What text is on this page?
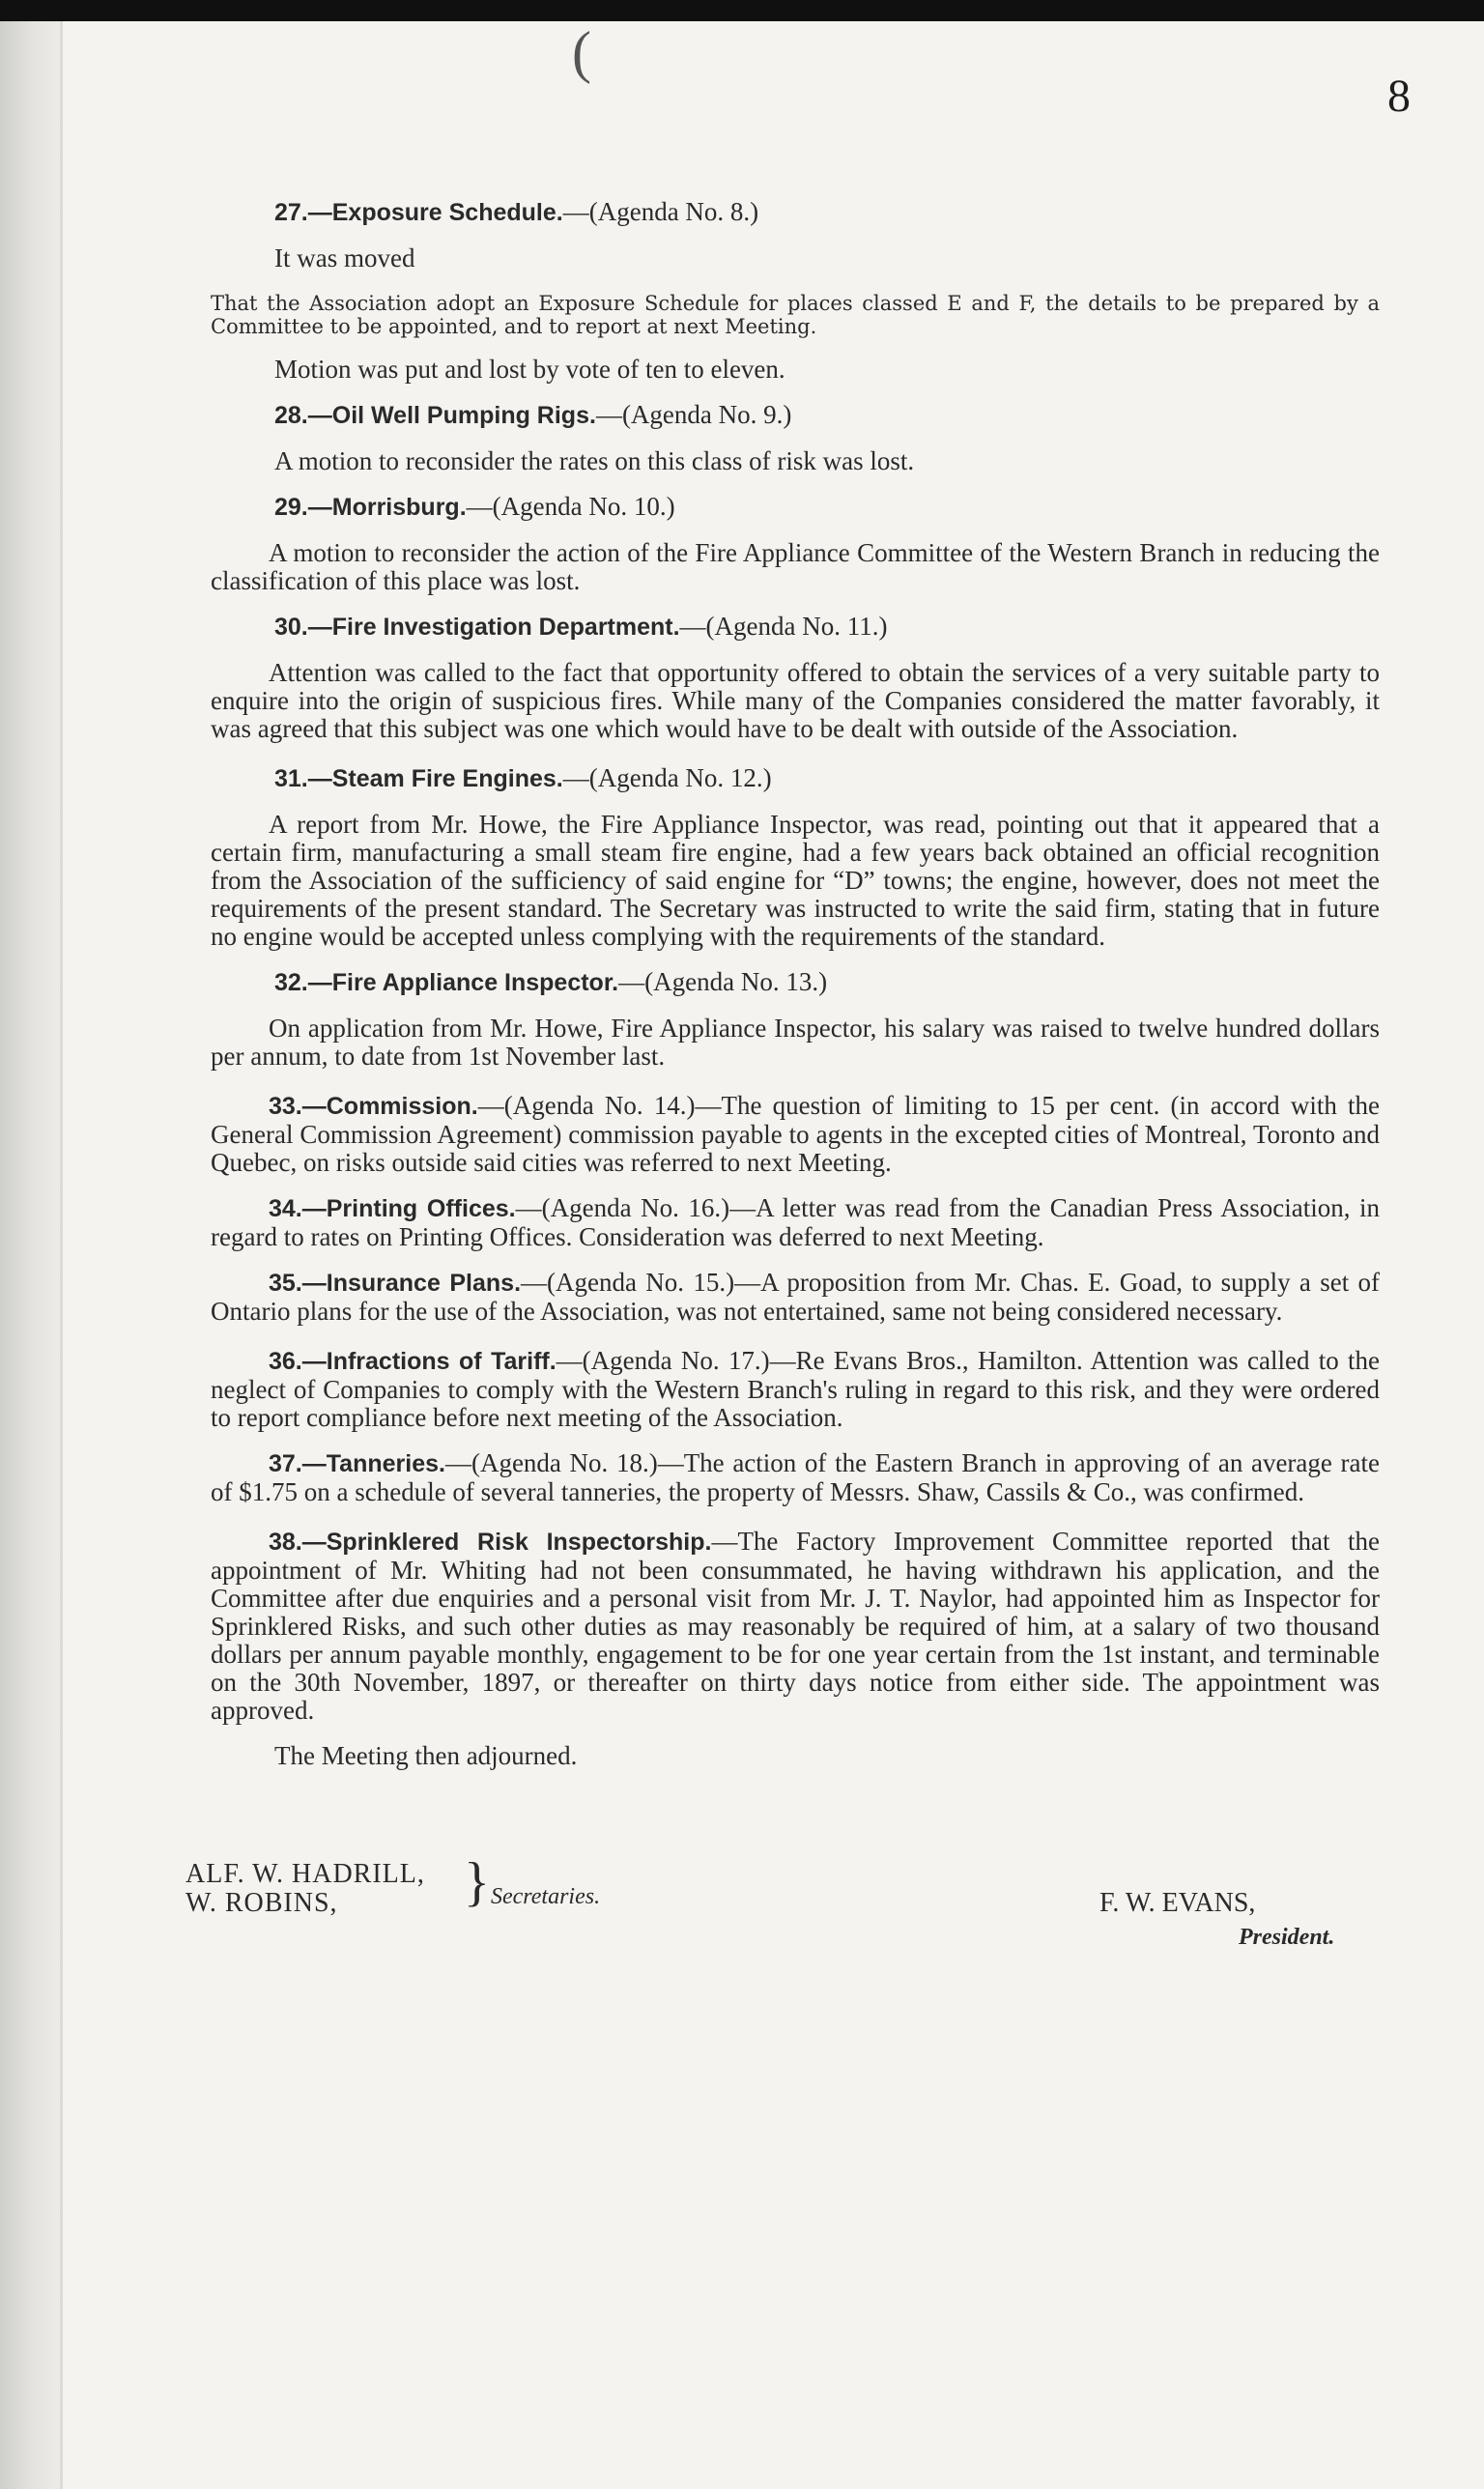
(
8

27.—Exposure Schedule.—(Agenda No. 8.)

It was moved

That the Association adopt an Exposure Schedule for places classed E and F, the details to be prepared by a Committee to be appointed, and to report at next Meeting.

Motion was put and lost by vote of ten to eleven.

28.—Oil Well Pumping Rigs.—(Agenda No. 9.)

A motion to reconsider the rates on this class of risk was lost.

29.—Morrisburg.—(Agenda No. 10.)

A motion to reconsider the action of the Fire Appliance Committee of the Western Branch in reducing the classification of this place was lost.

30.—Fire Investigation Department.—(Agenda No. 11.)

Attention was called to the fact that opportunity offered to obtain the services of a very suitable party to enquire into the origin of suspicious fires. While many of the Companies considered the matter favorably, it was agreed that this subject was one which would have to be dealt with outside of the Association.

31.—Steam Fire Engines.—(Agenda No. 12.)

A report from Mr. Howe, the Fire Appliance Inspector, was read, pointing out that it appeared that a certain firm, manufacturing a small steam fire engine, had a few years back obtained an official recognition from the Association of the sufficiency of said engine for “D” towns; the engine, however, does not meet the requirements of the present standard. The Secretary was instructed to write the said firm, stating that in future no engine would be accepted unless complying with the requirements of the standard.

32.—Fire Appliance Inspector.—(Agenda No. 13.)

On application from Mr. Howe, Fire Appliance Inspector, his salary was raised to twelve hundred dollars per annum, to date from 1st November last.

33.—Commission.—(Agenda No. 14.)—The question of limiting to 15 per cent. (in accord with the General Commission Agreement) commission payable to agents in the excepted cities of Montreal, Toronto and Quebec, on risks outside said cities was referred to next Meeting.

34.—Printing Offices.—(Agenda No. 16.)—A letter was read from the Canadian Press Association, in regard to rates on Printing Offices. Consideration was deferred to next Meeting.

35.—Insurance Plans.—(Agenda No. 15.)—A proposition from Mr. Chas. E. Goad, to supply a set of Ontario plans for the use of the Association, was not entertained, same not being considered necessary.

36.—Infractions of Tariff.—(Agenda No. 17.)—Re Evans Bros., Hamilton. Attention was called to the neglect of Companies to comply with the Western Branch's ruling in regard to this risk, and they were ordered to report compliance before next meeting of the Association.

37.—Tanneries.—(Agenda No. 18.)—The action of the Eastern Branch in approving of an average rate of $1.75 on a schedule of several tanneries, the property of Messrs. Shaw, Cassils & Co., was confirmed.

38.—Sprinklered Risk Inspectorship.—The Factory Improvement Committee reported that the appointment of Mr. Whiting had not been consummated, he having withdrawn his application, and the Committee after due enquiries and a personal visit from Mr. J. T. Naylor, had appointed him as Inspector for Sprinklered Risks, and such other duties as may reasonably be required of him, at a salary of two thousand dollars per annum payable monthly, engagement to be for one year certain from the 1st instant, and terminable on the 30th November, 1897, or thereafter on thirty days notice from either side. The appointment was approved.

The Meeting then adjourned.

ALF. W. HADRILL,
W. ROBINS,	} Secretaries.	F. W. EVANS,
President.
